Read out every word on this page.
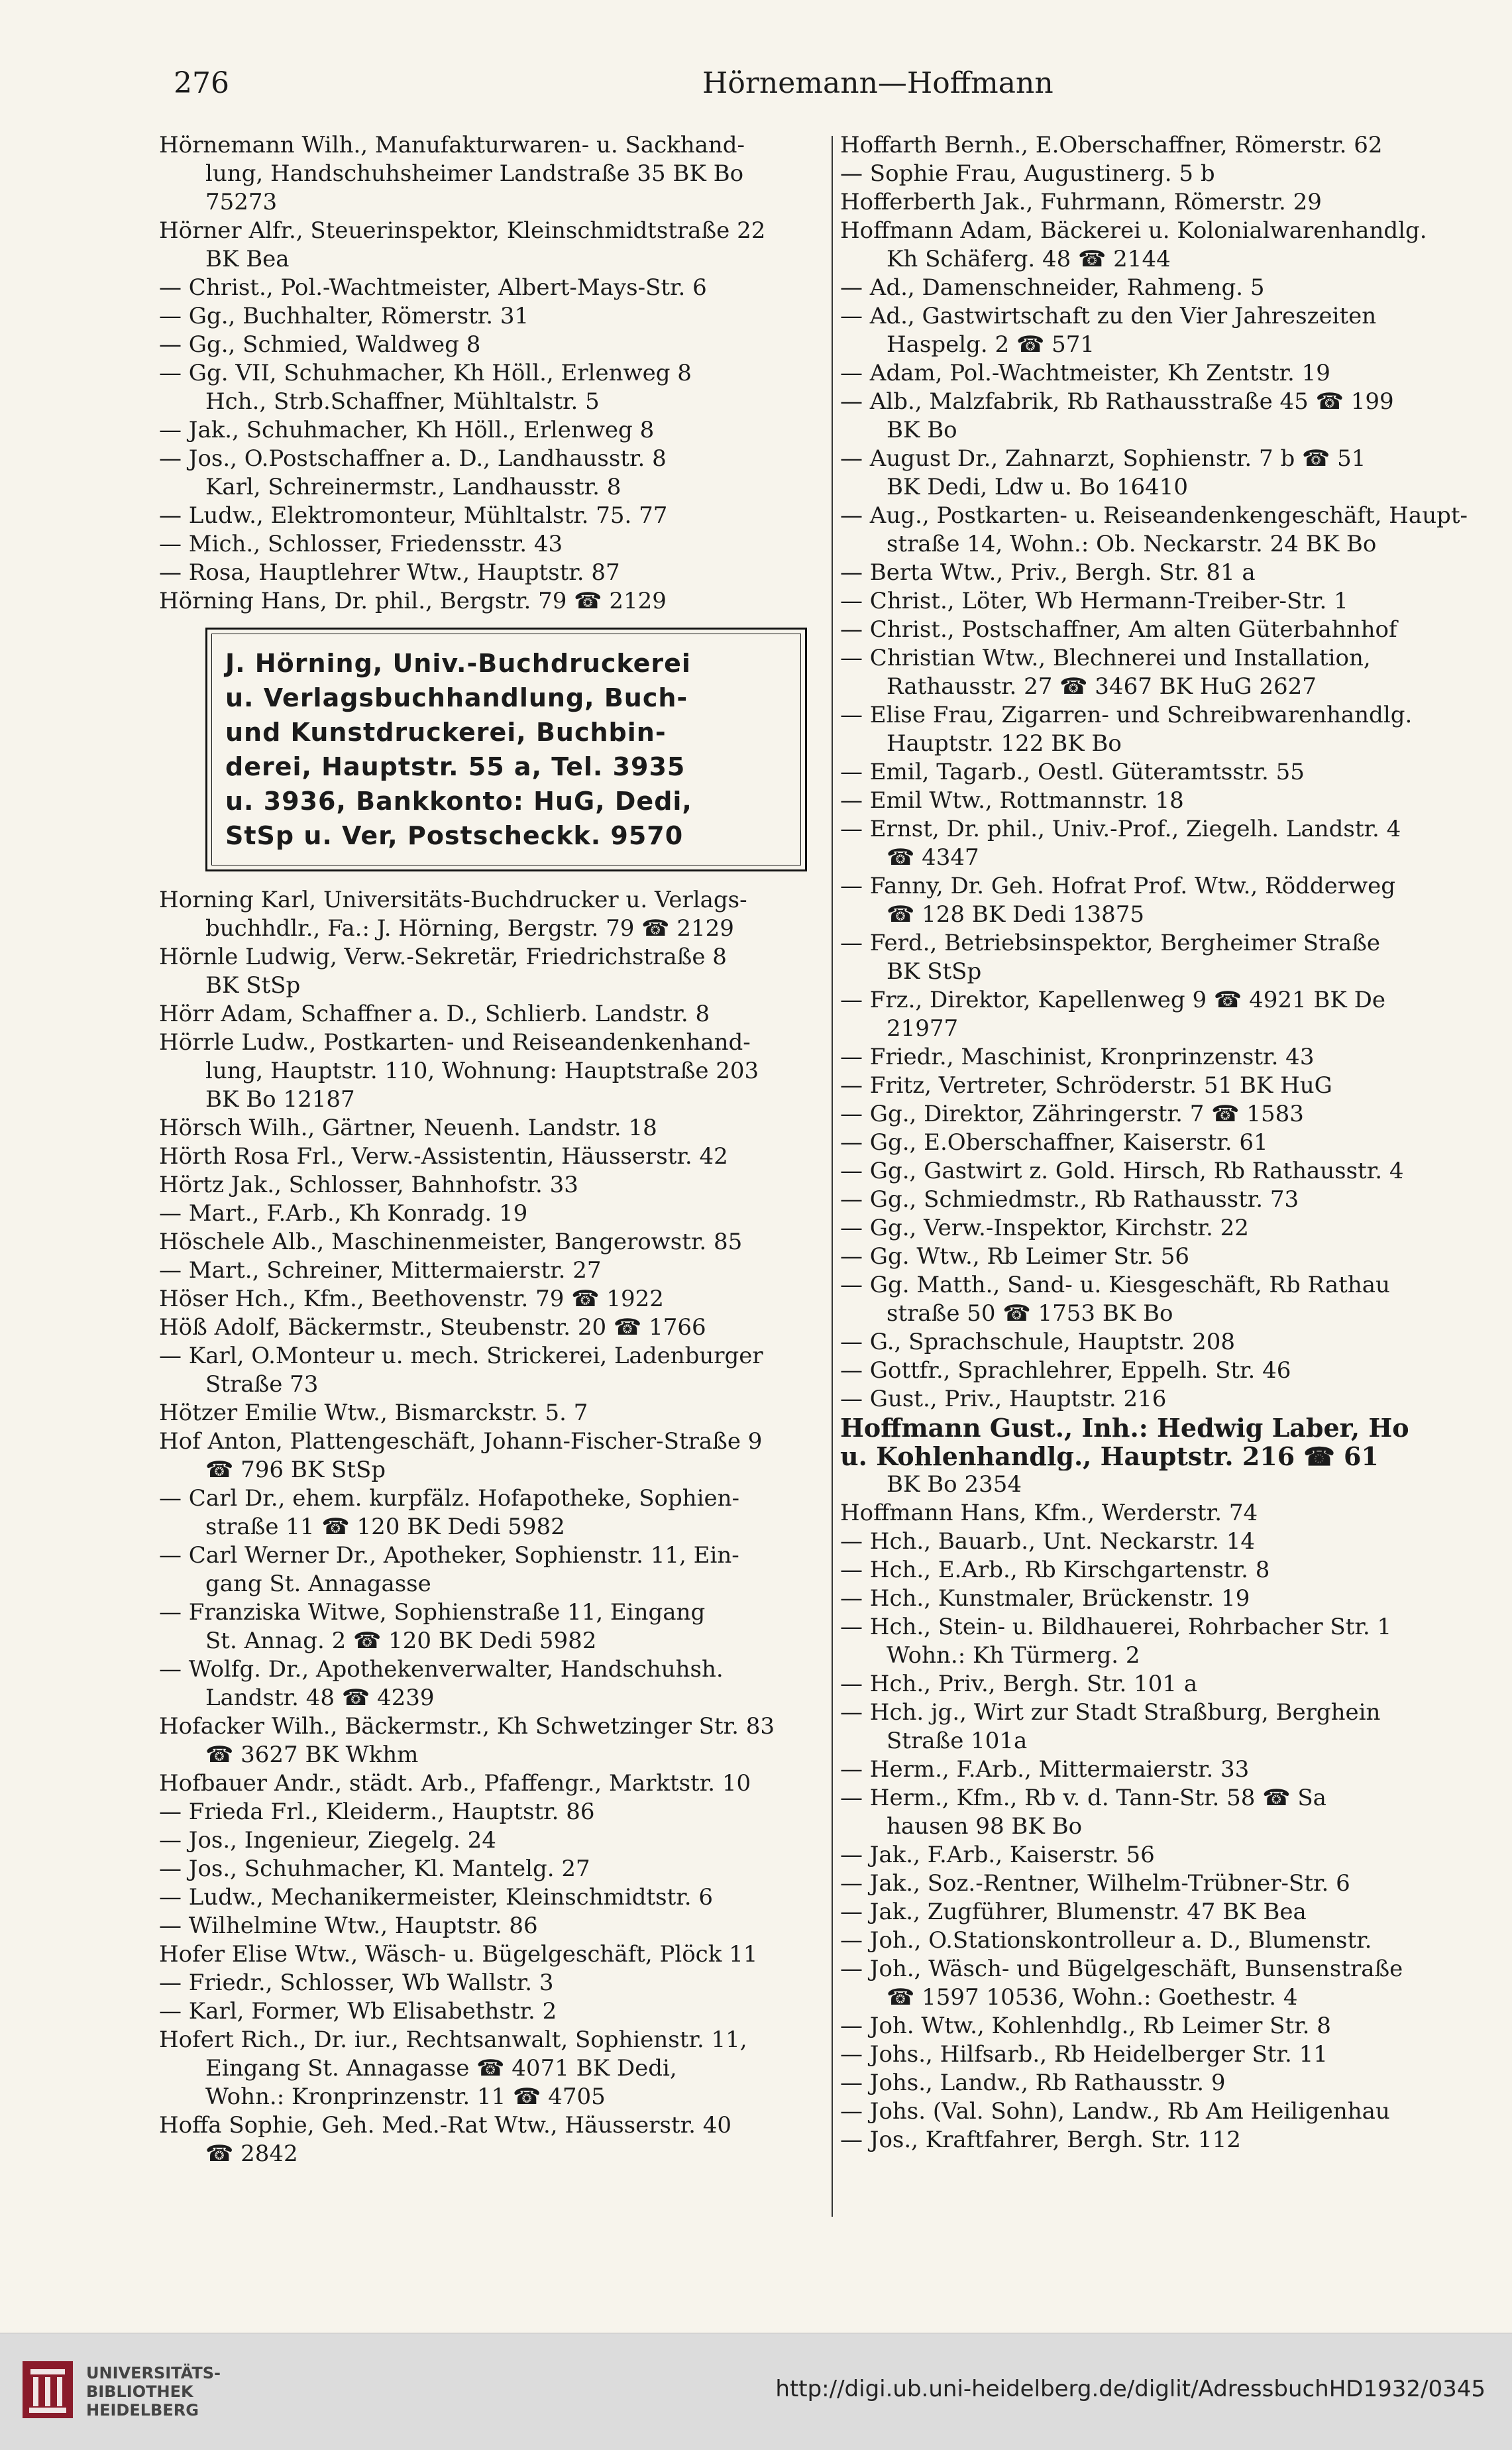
276	Hörnemann—Hoffmann
Hörnemann Wilh., Manufakturwaren- u. Sackhand-
lung, Handschuhsheimer Landstraße 35 BK Bo
75273
Hörner Alfr., Steuerinspektor, Kleinschmidtstraße 22
BK Bea
— Christ., Pol.-Wachtmeister, Albert-Mays-Str. 6
— Gg., Buchhalter, Römerstr. 31
— Gg., Schmied, Waldweg 8
— Gg. VII, Schuhmacher, Kh Höll., Erlenweg 8
Hch., Strb.Schaffner, Mühltalstr. 5
— Jak., Schuhmacher, Kh Höll., Erlenweg 8
— Jos., O.Postschaffner a. D., Landhausstr. 8
Karl, Schreinermstr., Landhausstr. 8
— Ludw., Elektromonteur, Mühltalstr. 75. 77
— Mich., Schlosser, Friedensstr. 43
— Rosa, Hauptlehrer Wtw., Hauptstr. 87
Hörning Hans, Dr. phil., Bergstr. 79 ☎ 2129
J. Hörning, Univ.-Buchdruckerei
u. Verlagsbuchhandlung, Buch-
und Kunstdruckerei, Buchbin-
derei, Hauptstr. 55 a, Tel. 3935
u. 3936, Bankkonto: HuG, Dedi,
StSp u. Ver, Postscheckk. 9570
Horning Karl, Universitäts-Buchdrucker u. Verlags-
buchhdlr., Fa.: J. Hörning, Bergstr. 79 ☎ 2129
Hörnle Ludwig, Verw.-Sekretär, Friedrichstraße 8
BK StSp
Hörr Adam, Schaffner a. D., Schlierb. Landstr. 8
Hörrle Ludw., Postkarten- und Reiseandenkenhand-
lung, Hauptstr. 110, Wohnung: Hauptstraße 203
BK Bo 12187
Hörsch Wilh., Gärtner, Neuenh. Landstr. 18
Hörth Rosa Frl., Verw.-Assistentin, Häusserstr. 42
Hörtz Jak., Schlosser, Bahnhofstr. 33
— Mart., F.Arb., Kh Konradg. 19
Höschele Alb., Maschinenmeister, Bangerowstr. 85
— Mart., Schreiner, Mittermaierstr. 27
Höser Hch., Kfm., Beethovenstr. 79 ☎ 1922
Höß Adolf, Bäckermstr., Steubenstr. 20 ☎ 1766
— Karl, O.Monteur u. mech. Strickerei, Ladenburger
Straße 73
Hötzer Emilie Wtw., Bismarckstr. 5. 7
Hof Anton, Plattengeschäft, Johann-Fischer-Straße 9
☎ 796 BK StSp
— Carl Dr., ehem. kurpfälz. Hofapotheke, Sophien-
straße 11 ☎ 120 BK Dedi 5982
— Carl Werner Dr., Apotheker, Sophienstr. 11, Ein-
gang St. Annagasse
— Franziska Witwe, Sophienstraße 11, Eingang
St. Annag. 2 ☎ 120 BK Dedi 5982
— Wolfg. Dr., Apothekenverwalter, Handschuhsh.
Landstr. 48 ☎ 4239
Hofacker Wilh., Bäckermstr., Kh Schwetzinger Str. 83
☎ 3627 BK Wkhm
Hofbauer Andr., städt. Arb., Pfaffengr., Marktstr. 10
— Frieda Frl., Kleiderm., Hauptstr. 86
— Jos., Ingenieur, Ziegelg. 24
— Jos., Schuhmacher, Kl. Mantelg. 27
— Ludw., Mechanikermeister, Kleinschmidtstr. 6
— Wilhelmine Wtw., Hauptstr. 86
Hofer Elise Wtw., Wäsch- u. Bügelgeschäft, Plöck 11
— Friedr., Schlosser, Wb Wallstr. 3
— Karl, Former, Wb Elisabethstr. 2
Hofert Rich., Dr. iur., Rechtsanwalt, Sophienstr. 11,
Eingang St. Annagasse ☎ 4071 BK Dedi,
Wohn.: Kronprinzenstr. 11 ☎ 4705
Hoffa Sophie, Geh. Med.-Rat Wtw., Häusserstr. 40
☎ 2842
Hoffarth Bernh., E.Oberschaffner, Römerstr. 62
— Sophie Frau, Augustinerg. 5 b
Hofferberth Jak., Fuhrmann, Römerstr. 29
Hoffmann Adam, Bäckerei u. Kolonialwarenhandlg.
Kh Schäferg. 48 ☎ 2144
— Ad., Damenschneider, Rahmeng. 5
— Ad., Gastwirtschaft zu den Vier Jahreszeiten
Haspelg. 2 ☎ 571
— Adam, Pol.-Wachtmeister, Kh Zentstr. 19
— Alb., Malzfabrik, Rb Rathausstraße 45 ☎ 199
BK Bo
— August Dr., Zahnarzt, Sophienstr. 7 b ☎ 51
BK Dedi, Ldw u. Bo 16410
— Aug., Postkarten- u. Reiseandenkengeschäft, Haupt-
straße 14, Wohn.: Ob. Neckarstr. 24 BK Bo
— Berta Wtw., Priv., Bergh. Str. 81 a
— Christ., Löter, Wb Hermann-Treiber-Str. 1
— Christ., Postschaffner, Am alten Güterbahnhof
— Christian Wtw., Blechnerei und Installation,
Rathausstr. 27 ☎ 3467 BK HuG 2627
— Elise Frau, Zigarren- und Schreibwarenhandlg.
Hauptstr. 122 BK Bo
— Emil, Tagarb., Oestl. Güteramtsstr. 55
— Emil Wtw., Rottmannstr. 18
— Ernst, Dr. phil., Univ.-Prof., Ziegelh. Landstr. 4
☎ 4347
— Fanny, Dr. Geh. Hofrat Prof. Wtw., Rödderweg
☎ 128 BK Dedi 13875
— Ferd., Betriebsinspektor, Bergheimer Straße
BK StSp
— Frz., Direktor, Kapellenweg 9 ☎ 4921 BK De
21977
— Friedr., Maschinist, Kronprinzenstr. 43
— Fritz, Vertreter, Schröderstr. 51 BK HuG
— Gg., Direktor, Zähringerstr. 7 ☎ 1583
— Gg., E.Oberschaffner, Kaiserstr. 61
— Gg., Gastwirt z. Gold. Hirsch, Rb Rathausstr. 4
— Gg., Schmiedmstr., Rb Rathausstr. 73
— Gg., Verw.-Inspektor, Kirchstr. 22
— Gg. Wtw., Rb Leimer Str. 56
— Gg. Matth., Sand- u. Kiesgeschäft, Rb Rathau
straße 50 ☎ 1753 BK Bo
— G., Sprachschule, Hauptstr. 208
— Gottfr., Sprachlehrer, Eppelh. Str. 46
— Gust., Priv., Hauptstr. 216
Hoffmann Gust., Inh.: Hedwig Laber, Ho
u. Kohlenhandlg., Hauptstr. 216 ☎ 61
BK Bo 2354
Hoffmann Hans, Kfm., Werderstr. 74
— Hch., Bauarb., Unt. Neckarstr. 14
— Hch., E.Arb., Rb Kirschgartenstr. 8
— Hch., Kunstmaler, Brückenstr. 19
— Hch., Stein- u. Bildhauerei, Rohrbacher Str. 1
Wohn.: Kh Türmerg. 2
— Hch., Priv., Bergh. Str. 101 a
— Hch. jg., Wirt zur Stadt Straßburg, Berghein
Straße 101a
— Herm., F.Arb., Mittermaierstr. 33
— Herm., Kfm., Rb v. d. Tann-Str. 58 ☎ Sa
hausen 98 BK Bo
— Jak., F.Arb., Kaiserstr. 56
— Jak., Soz.-Rentner, Wilhelm-Trübner-Str. 6
— Jak., Zugführer, Blumenstr. 47 BK Bea
— Joh., O.Stationskontrolleur a. D., Blumenstr.
— Joh., Wäsch- und Bügelgeschäft, Bunsenstraße
☎ 1597 10536, Wohn.: Goethestr. 4
— Joh. Wtw., Kohlenhdlg., Rb Leimer Str. 8
— Johs., Hilfsarb., Rb Heidelberger Str. 11
— Johs., Landw., Rb Rathausstr. 9
— Johs. (Val. Sohn), Landw., Rb Am Heiligenhau
— Jos., Kraftfahrer, Bergh. Str. 112
UNIVERSITÄTS-
BIBLIOTHEK
HEIDELBERG
http://digi.ub.uni-heidelberg.de/diglit/AdressbuchHD1932/0345
